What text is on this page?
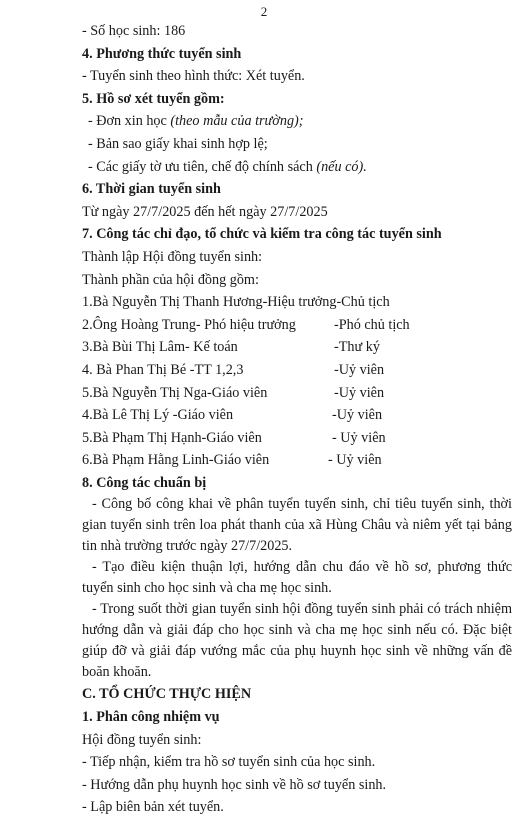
2
- Số học sinh: 186
4. Phương thức tuyển sinh
- Tuyển sinh theo hình thức: Xét tuyển.
5. Hồ sơ xét tuyển gồm:
- Đơn xin học (theo mẫu của trường);
- Bản sao giấy khai sinh hợp lệ;
- Các giấy tờ ưu tiên, chế độ chính sách (nếu có).
6. Thời gian tuyển sinh
Từ ngày 27/7/2025 đến hết ngày 27/7/2025
7. Công tác chỉ đạo, tổ chức và kiểm tra công tác tuyển sinh
Thành lập Hội đồng tuyển sinh:
Thành phần của hội đồng gồm:
1.Bà Nguyễn Thị Thanh Hương-Hiệu trưởng-Chủ tịch
2.Ông Hoàng Trung- Phó hiệu trưởng	-Phó chủ tịch
3.Bà Bùi Thị Lâm- Kế toán	-Thư ký
4. Bà Phan Thị Bé -TT 1,2,3	-Uỷ viên
5.Bà Nguyễn Thị Nga-Giáo viên	-Uỷ viên
4.Bà Lê Thị Lý -Giáo viên	-Uỷ viên
5.Bà Phạm Thị Hạnh-Giáo viên	- Uỷ viên
6.Bà Phạm Hằng Linh-Giáo viên	- Uỷ viên
8. Công tác chuẩn bị
- Công bố công khai về phân tuyển tuyển sinh, chỉ tiêu tuyển sinh, thời gian tuyển sinh trên loa phát thanh của xã Hùng Châu và niêm yết tại bảng tin nhà trường trước ngày 27/7/2025.
- Tạo điều kiện thuận lợi, hướng dẫn chu đáo về hồ sơ, phương thức tuyển sinh cho học sinh và cha mẹ học sinh.
- Trong suốt thời gian tuyển sinh hội đồng tuyển sinh phải có trách nhiệm hướng dẫn và giải đáp cho học sinh và cha mẹ học sinh nếu có. Đặc biệt giúp đỡ và giải đáp vướng mắc của phụ huynh học sinh về những vấn đề boăn khoăn.
C. TỔ CHỨC THỰC HIỆN
1. Phân công nhiệm vụ
Hội đồng tuyển sinh:
- Tiếp nhận, kiểm tra hồ sơ tuyển sinh của học sinh.
- Hướng dẫn phụ huynh học sinh về hồ sơ tuyển sinh.
- Lập biên bản xét tuyển.
